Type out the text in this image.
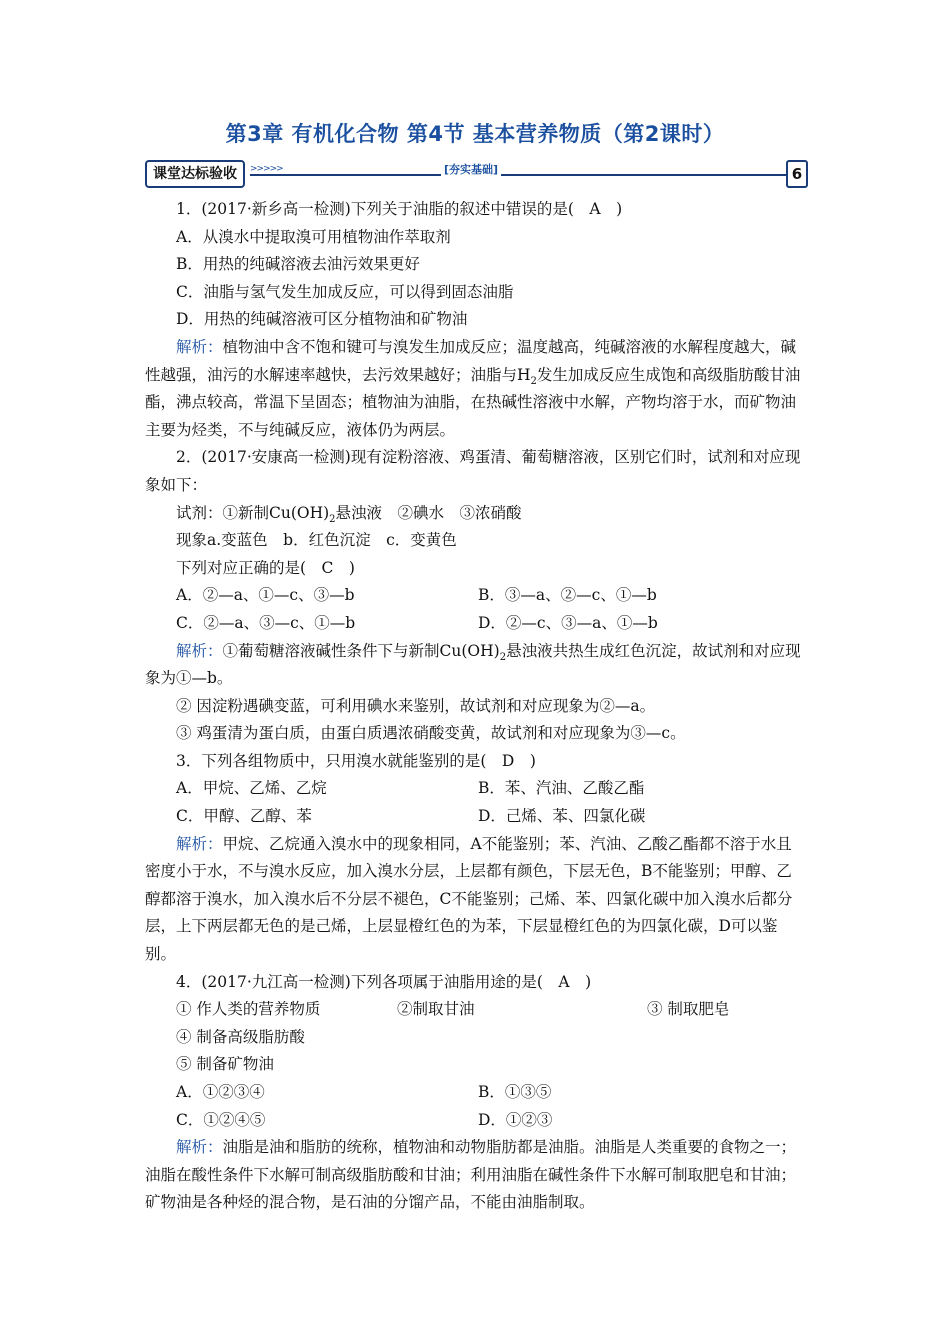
第3章 有机化合物 第4节 基本营养物质（第2课时）
课堂达标验收	>>>>>	[夯实基础]	6

1．(2017·新乡高一检测)下列关于油脂的叙述中错误的是(　A　)

A．从溴水中提取溴可用植物油作萃取剂

B．用热的纯碱溶液去油污效果更好

C．油脂与氢气发生加成反应，可以得到固态油脂

D．用热的纯碱溶液可区分植物油和矿物油

解析：植物油中含不饱和键可与溴发生加成反应；温度越高，纯碱溶液的水解程度越大，碱性越强，油污的水解速率越快，去污效果越好；油脂与$H_2$发生加成反应生成饱和高级脂肪酸甘油酯，沸点较高，常温下呈固态；植物油为油脂，在热碱性溶液中水解，产物均溶于水，而矿物油主要为烃类，不与纯碱反应，液体仍为两层。

2．(2017·安康高一检测)现有淀粉溶液、鸡蛋清、葡萄糖溶液，区别它们时，试剂和对应现象如下：

试剂：①新制$Cu(OH)_2$悬浊液　②碘水　③浓硝酸

现象a.变蓝色　b．红色沉淀　c．变黄色

下列对应正确的是(　C　)

A．②—a、①—c、③—b	B．③—a、②—c、①—b
C．②—a、③—c、①—b	D．②—c、③—a、①—b

解析：①葡萄糖溶液碱性条件下与新制$Cu(OH)_2$悬浊液共热生成红色沉淀，故试剂和对应现象为①—b。

② 因淀粉遇碘变蓝，可利用碘水来鉴别，故试剂和对应现象为②—a。

③ 鸡蛋清为蛋白质，由蛋白质遇浓硝酸变黄，故试剂和对应现象为③—c。

3．下列各组物质中，只用溴水就能鉴别的是(　D　)

A．甲烷、乙烯、乙烷	B．苯、汽油、乙酸乙酯
C．甲醇、乙醇、苯	D．己烯、苯、四氯化碳

解析：甲烷、乙烷通入溴水中的现象相同，A不能鉴别；苯、汽油、乙酸乙酯都不溶于水且密度小于水，不与溴水反应，加入溴水分层，上层都有颜色，下层无色，B不能鉴别；甲醇、乙醇都溶于溴水，加入溴水后不分层不褪色，C不能鉴别；己烯、苯、四氯化碳中加入溴水后都分层，上下两层都无色的是己烯，上层显橙红色的为苯，下层显橙红色的为四氯化碳，D可以鉴别。

4．(2017·九江高一检测)下列各项属于油脂用途的是(　A　)

① 作人类的营养物质	②制取甘油	③ 制取肥皂

④ 制备高级脂肪酸

⑤ 制备矿物油

A．①②③④	B．①③⑤
C．①②④⑤	D．①②③

解析：油脂是油和脂肪的统称，植物油和动物脂肪都是油脂。油脂是人类重要的食物之一；油脂在酸性条件下水解可制高级脂肪酸和甘油；利用油脂在碱性条件下水解可制取肥皂和甘油；矿物油是各种烃的混合物，是石油的分馏产品，不能由油脂制取。
